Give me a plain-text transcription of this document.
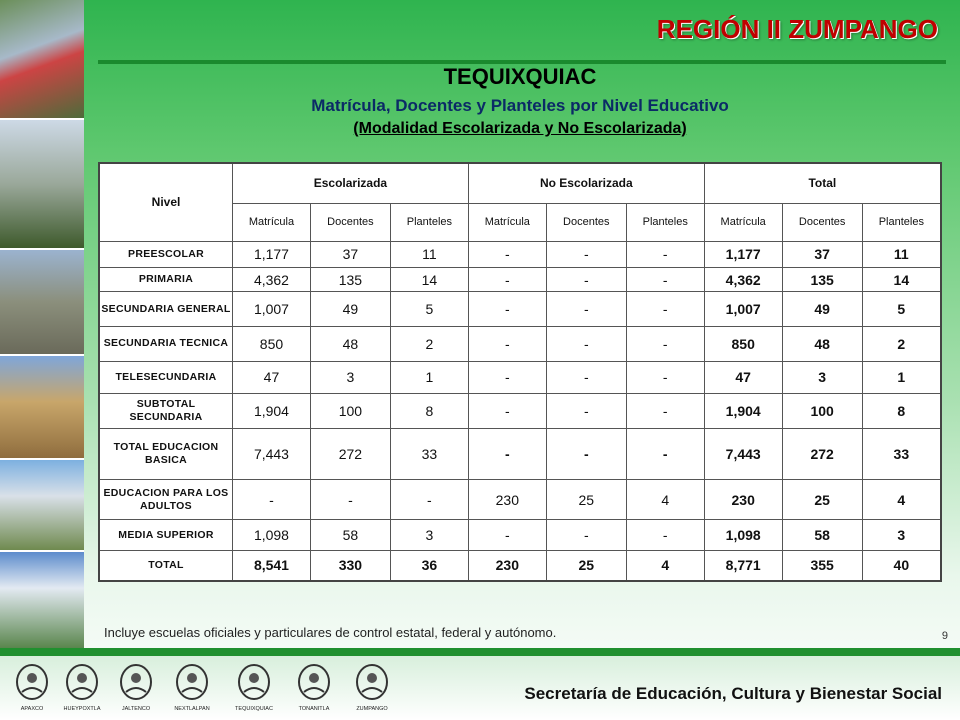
REGIÓN II ZUMPANGO
TEQUIXQUIAC
Matrícula, Docentes y Planteles por Nivel Educativo
(Modalidad Escolarizada y No Escolarizada)
Nivel	Escolarizada			No Escolarizada			Total		
	Matrícula	Docentes	Planteles	Matrícula	Docentes	Planteles	Matrícula	Docentes	Planteles
PREESCOLAR	1,177	37	11	-	-	-	1,177	37	11
PRIMARIA	4,362	135	14	-	-	-	4,362	135	14
SECUNDARIA GENERAL	1,007	49	5	-	-	-	1,007	49	5
SECUNDARIA TECNICA	850	48	2	-	-	-	850	48	2
TELESECUNDARIA	47	3	1	-	-	-	47	3	1
SUBTOTAL SECUNDARIA	1,904	100	8	-	-	-	1,904	100	8
TOTAL EDUCACION BASICA	7,443	272	33	-	-	-	7,443	272	33
EDUCACION PARA LOS ADULTOS	-	-	-	230	25	4	230	25	4
MEDIA SUPERIOR	1,098	58	3	-	-	-	1,098	58	3
TOTAL	8,541	330	36	230	25	4	8,771	355	40
Incluye escuelas oficiales y particulares de control estatal, federal y autónomo.	9
APAXCO	HUEYPOXTLA	JALTENCO	NEXTLALPAN	TEQUIXQUIAC	TONANITLA	ZUMPANGO
Secretaría de Educación, Cultura y Bienestar Social
